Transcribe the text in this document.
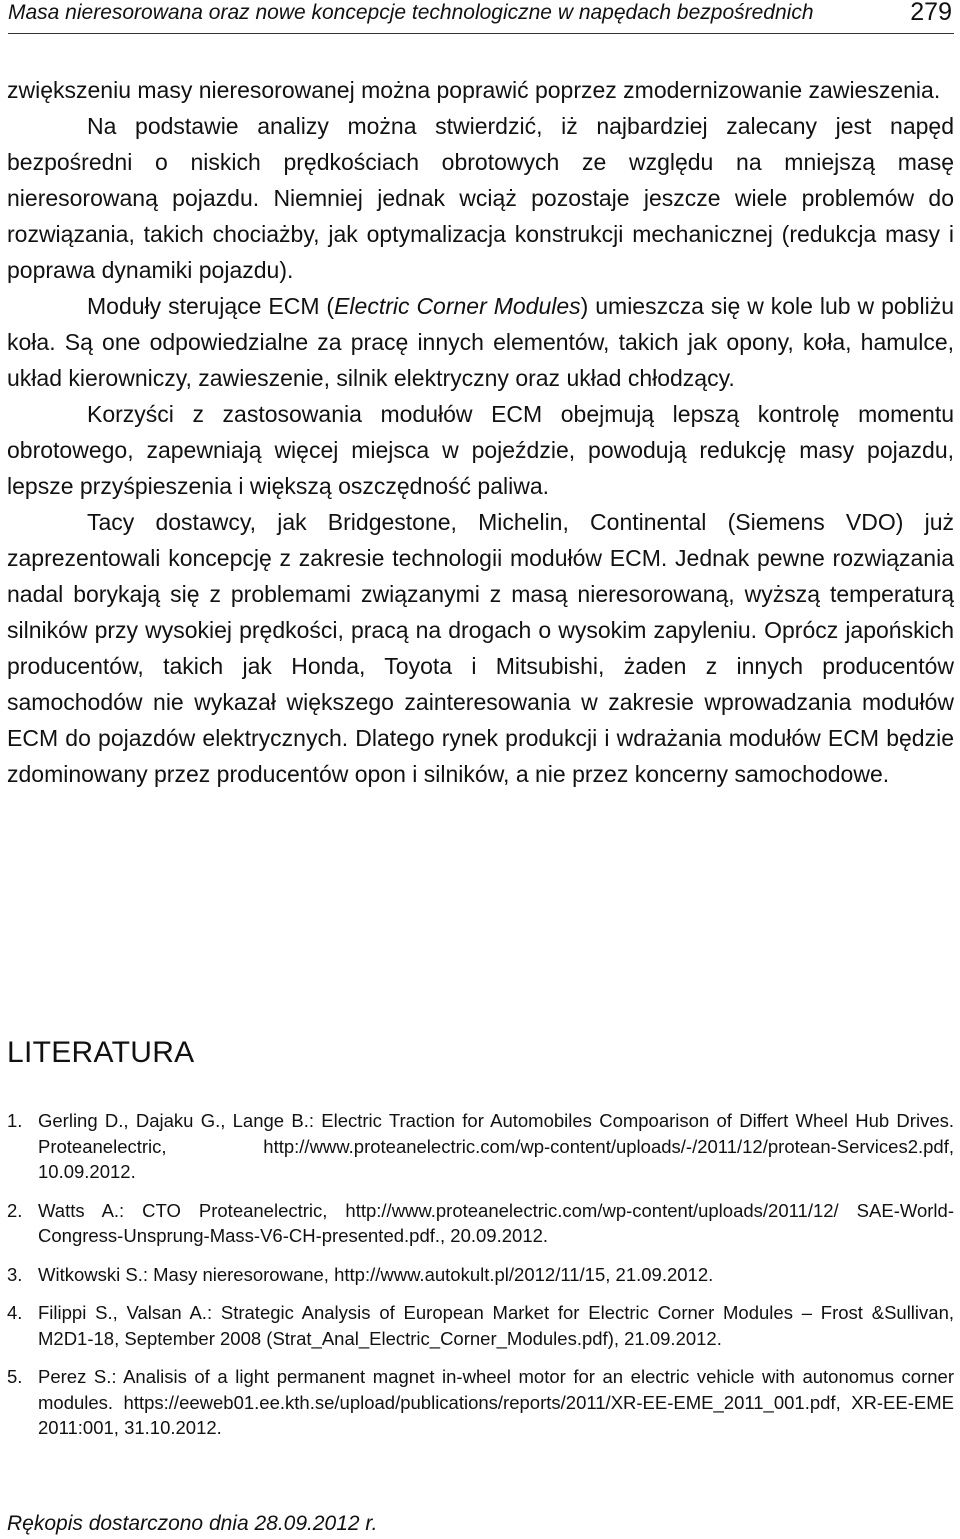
Masa nieresorowana oraz nowe koncepcje technologiczne w napędach bezpośrednich	279

zwiększeniu masy nieresorowanej można poprawić poprzez zmodernizowanie zawieszenia.

Na podstawie analizy można stwierdzić, iż najbardziej zalecany jest napęd bezpośredni o niskich prędkościach obrotowych ze względu na mniejszą masę nieresorowaną pojazdu. Niemniej jednak wciąż pozostaje jeszcze wiele problemów do rozwiązania, takich chociażby, jak optymalizacja konstrukcji mechanicznej (redukcja masy i poprawa dynamiki pojazdu).

Moduły sterujące ECM (Electric Corner Modules) umieszcza się w kole lub w pobliżu koła. Są one odpowiedzialne za pracę innych elementów, takich jak opony, koła, hamulce, układ kierowniczy, zawieszenie, silnik elektryczny oraz układ chłodzący.

Korzyści z zastosowania modułów ECM obejmują lepszą kontrolę momentu obrotowego, zapewniają więcej miejsca w pojeździe, powodują redukcję masy pojazdu, lepsze przyśpieszenia i większą oszczędność paliwa.

Tacy dostawcy, jak Bridgestone, Michelin, Continental (Siemens VDO) już zaprezentowali koncepcję z zakresie technologii modułów ECM. Jednak pewne rozwiązania nadal borykają się z problemami związanymi z masą nieresorowaną, wyższą temperaturą silników przy wysokiej prędkości, pracą na drogach o wysokim zapyleniu. Oprócz japońskich producentów, takich jak Honda, Toyota i Mitsubishi, żaden z innych producentów samochodów nie wykazał większego zainteresowania w zakresie wprowadzania modułów ECM do pojazdów elektrycznych. Dlatego rynek produkcji i wdrażania modułów ECM będzie zdominowany przez producentów opon i silników, a nie przez koncerny samochodowe.

LITERATURA
1. Gerling D., Dajaku G., Lange B.: Electric Traction for Automobiles Compoarison of Differt Wheel Hub Drives. Proteanelectric, http://www.proteanelectric.com/wp-content/uploads/-/2011/12/protean-Services2.pdf, 10.09.2012.
2. Watts A.: CTO Proteanelectric, http://www.proteanelectric.com/wp-content/uploads/2011/12/ SAE-World-Congress-Unsprung-Mass-V6-CH-presented.pdf., 20.09.2012.
3. Witkowski S.: Masy nieresorowane, http://www.autokult.pl/2012/11/15, 21.09.2012.
4. Filippi S., Valsan A.: Strategic Analysis of European Market for Electric Corner Modules – Frost &Sullivan, M2D1-18, September 2008 (Strat_Anal_Electric_Corner_Modules.pdf), 21.09.2012.
5. Perez S.: Analisis of a light permanent magnet in-wheel motor for an electric vehicle with autonomus corner modules. https://eeweb01.ee.kth.se/upload/publications/reports/2011/XR-EE-EME_2011_001.pdf, XR-EE-EME 2011:001, 31.10.2012.
Rękopis dostarczono dnia 28.09.2012 r.
